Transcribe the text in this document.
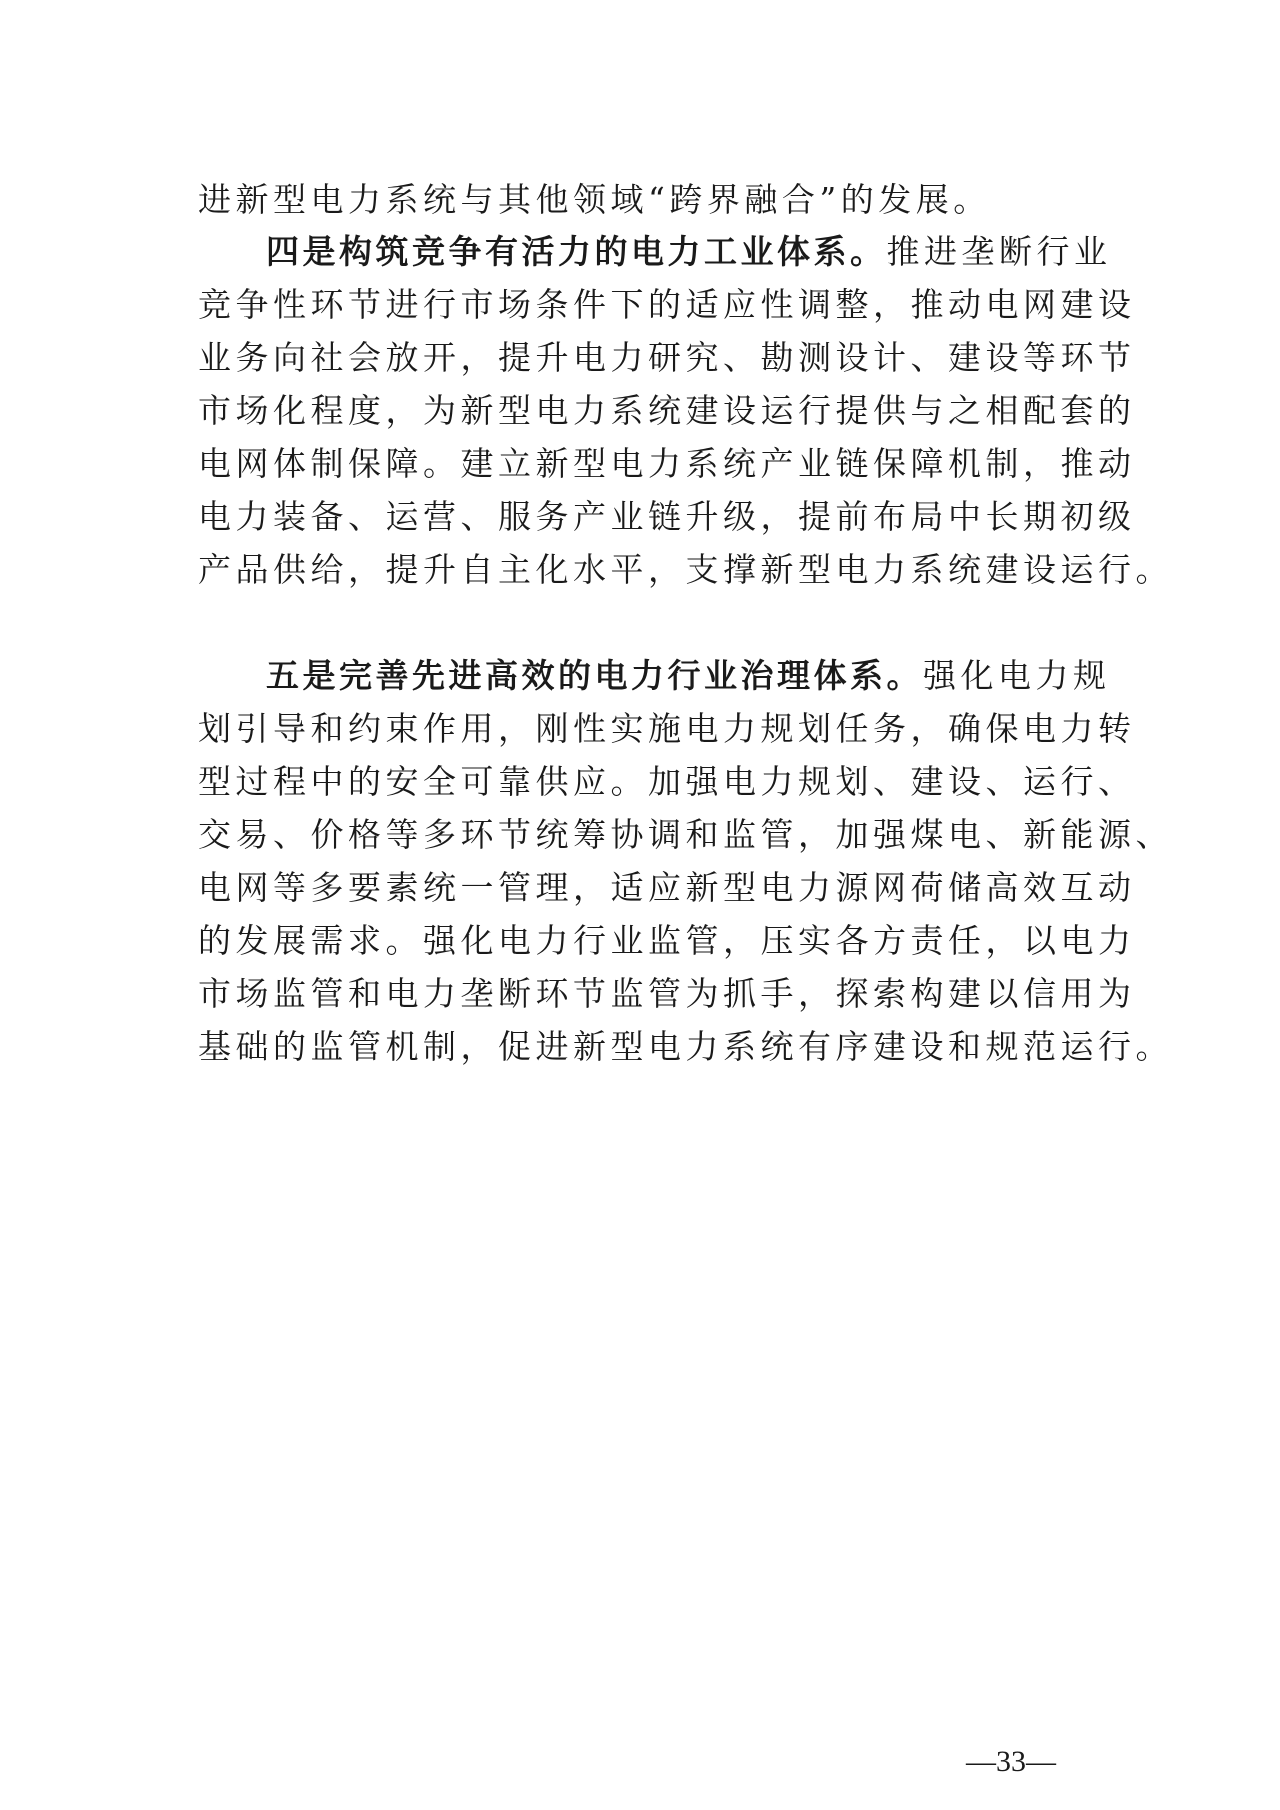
进新型电力系统与其他领域“跨界融合”的发展。
四是构筑竞争有活力的电力工业体系。推进垄断行业
竞争性环节进行市场条件下的适应性调整，推动电网建设
业务向社会放开，提升电力研究、勘测设计、建设等环节
市场化程度，为新型电力系统建设运行提供与之相配套的
电网体制保障。建立新型电力系统产业链保障机制，推动
电力装备、运营、服务产业链升级，提前布局中长期初级
产品供给，提升自主化水平，支撑新型电力系统建设运行。
五是完善先进高效的电力行业治理体系。强化电力规
划引导和约束作用，刚性实施电力规划任务，确保电力转
型过程中的安全可靠供应。加强电力规划、建设、运行、
交易、价格等多环节统筹协调和监管，加强煤电、新能源、
电网等多要素统一管理，适应新型电力源网荷储高效互动
的发展需求。强化电力行业监管，压实各方责任，以电力
市场监管和电力垄断环节监管为抓手，探索构建以信用为
基础的监管机制，促进新型电力系统有序建设和规范运行。
—33—
